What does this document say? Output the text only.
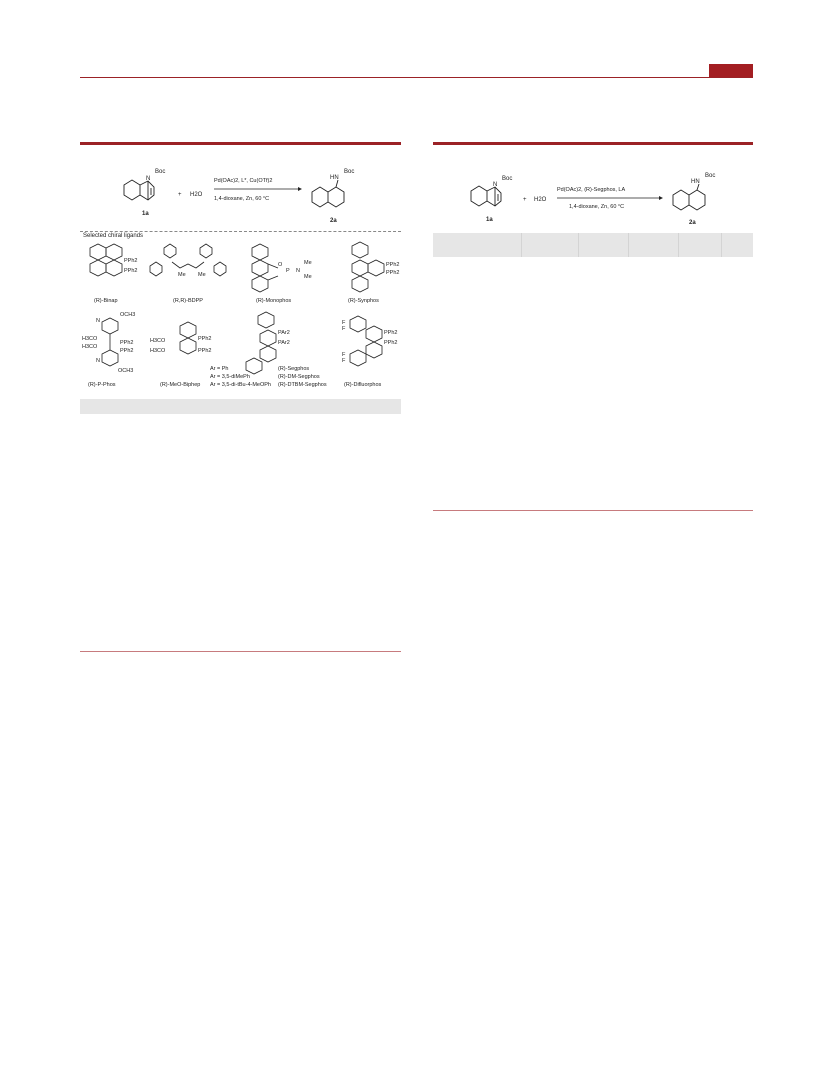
N
Boc
1a
+ H2O
Pd(OAc)2, L*, Cu(OTf)2
1,4-dioxane, Zn, 60 °C
HN
Boc
2a
Selected chiral ligands
PPh2
PPh2
Me Me
O
P N
Me
Me
PPh2
PPh2
(R)-Binap	(R,R)-BDPP	(R)-Monophos	(R)-Synphos
OCH3
N
H3CO
PPh2
H3CO
PPh2
N
OCH3
H3CO	PPh2
H3CO	PPh2
PAr2
PAr2
F
F
PPh2
PPh2
F
F
Ar = Ph
Ar = 3,5-diMePh
Ar = 3,5-di-tBu-4-MeOPh
(R)-Segphos
(R)-DM-Segphos
(R)-DTBM-Segphos
(R)-P-Phos	(R)-MeO-Biphep	(R)-Difluorphos
N
Boc
1a
+ H2O
Pd(OAc)2, (R)-Segphos, LA
1,4-dioxane, Zn, 60 °C
HN
Boc
2a
